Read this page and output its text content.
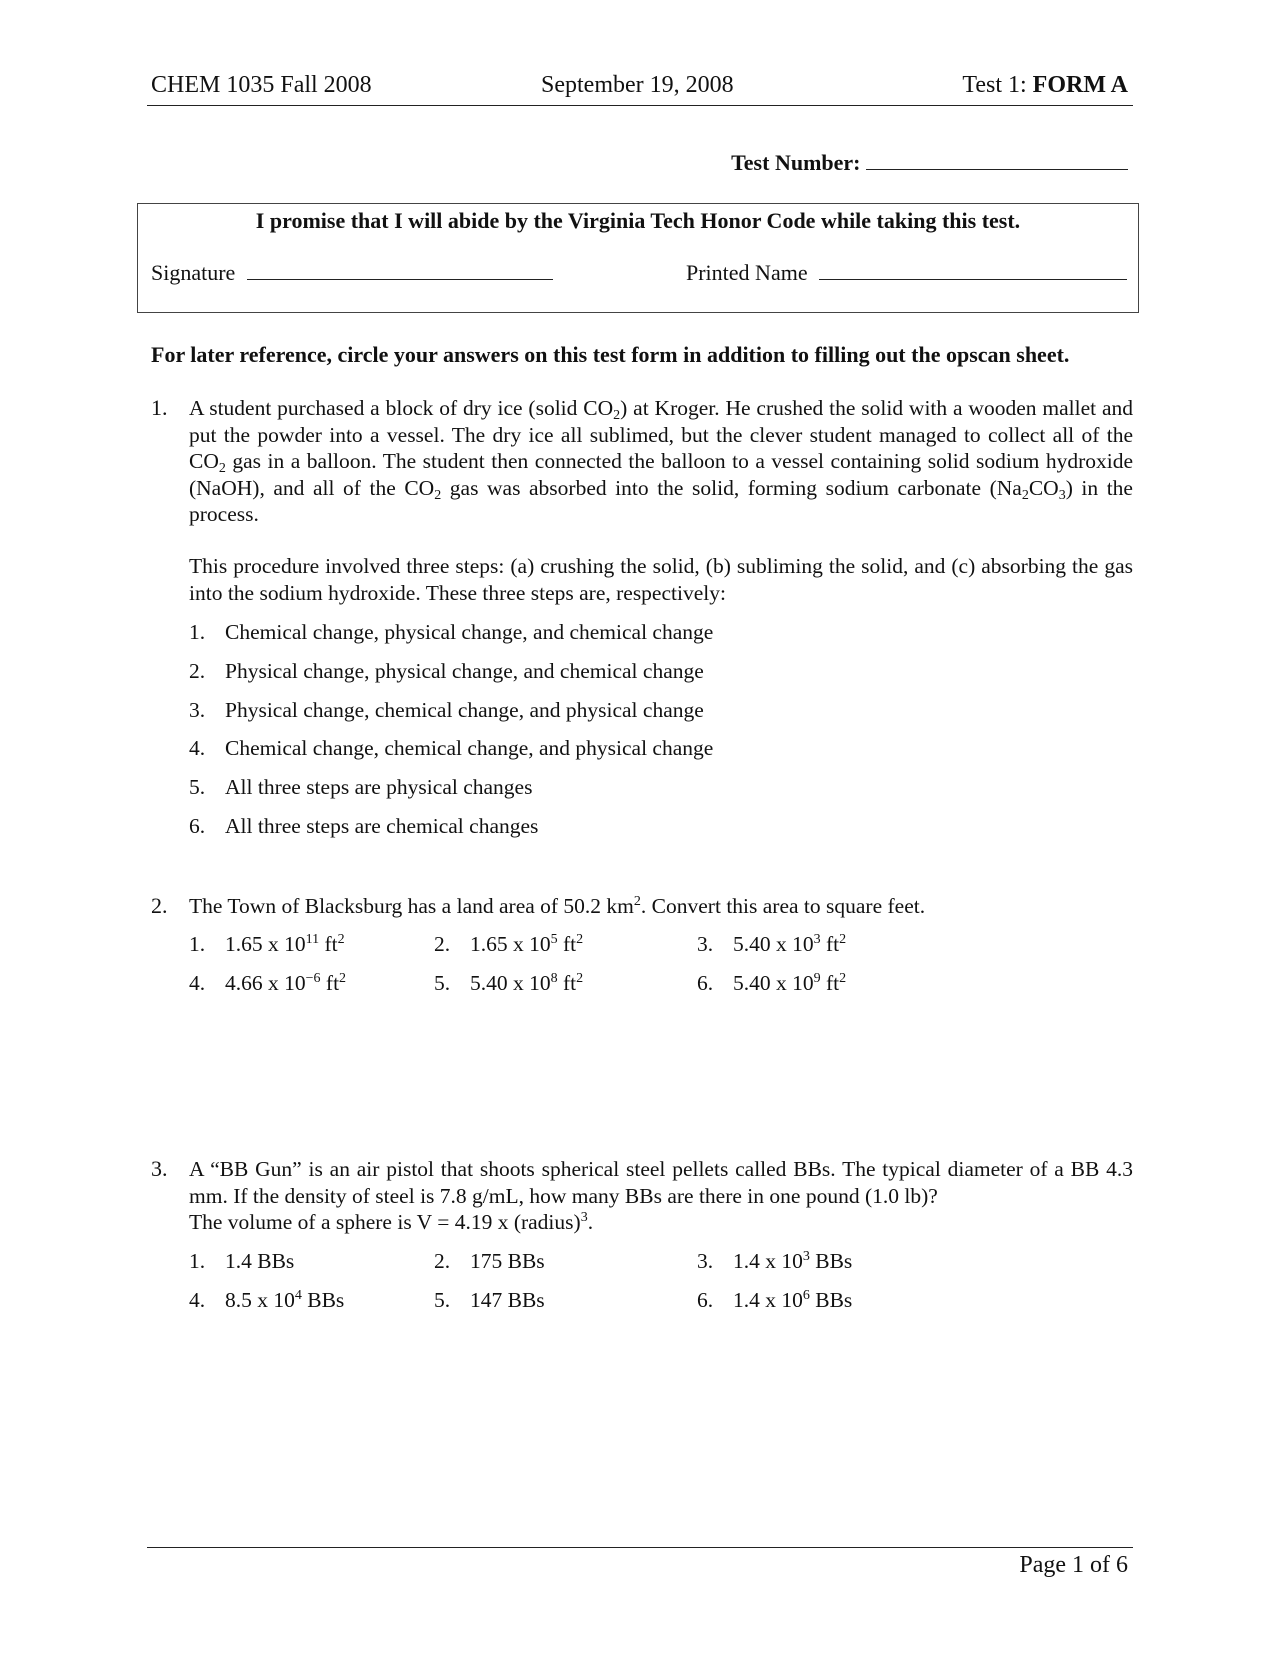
CHEM 1035 Fall 2008	September 19, 2008	Test 1: FORM A
Test Number:
I promise that I will abide by the Virginia Tech Honor Code while taking this test.
Signature	Printed Name
For later reference, circle your answers on this test form in addition to filling out the opscan sheet.
1. A student purchased a block of dry ice (solid $CO_2$) at Kroger. He crushed the solid with a wooden mallet and put the powder into a vessel. The dry ice all sublimed, but the clever student managed to collect all of the $CO_2$ gas in a balloon. The student then connected the balloon to a vessel containing solid sodium hydroxide (NaOH), and all of the $CO_2$ gas was absorbed into the solid, forming sodium carbonate $(Na_2CO_3)$ in the process.
This procedure involved three steps: (a) crushing the solid, (b) subliming the solid, and (c) absorbing the gas into the sodium hydroxide. These three steps are, respectively:
1. Chemical change, physical change, and chemical change
2. Physical change, physical change, and chemical change
3. Physical change, chemical change, and physical change
4. Chemical change, chemical change, and physical change
5. All three steps are physical changes
6. All three steps are chemical changes
2. The Town of Blacksburg has a land area of 50.2 $km^2$. Convert this area to square feet.
1. 1.65 x $10^{11}$ $ft^2$	2. 1.65 x $10^5$ $ft^2$	3. 5.40 x $10^3$ $ft^2$
4. 4.66 x $10^{-6}$ $ft^2$	5. 5.40 x $10^8$ $ft^2$	6. 5.40 x $10^9$ $ft^2$
3. A “BB Gun” is an air pistol that shoots spherical steel pellets called BBs. The typical diameter of a BB 4.3 mm. If the density of steel is 7.8 g/mL, how many BBs are there in one pound (1.0 lb)?
The volume of a sphere is V = 4.19 x (radius)$^3$.
1. 1.4 BBs	2. 175 BBs	3. 1.4 x $10^3$ BBs
4. 8.5 x $10^4$ BBs	5. 147 BBs	6. 1.4 x $10^6$ BBs
Page 1 of 6
